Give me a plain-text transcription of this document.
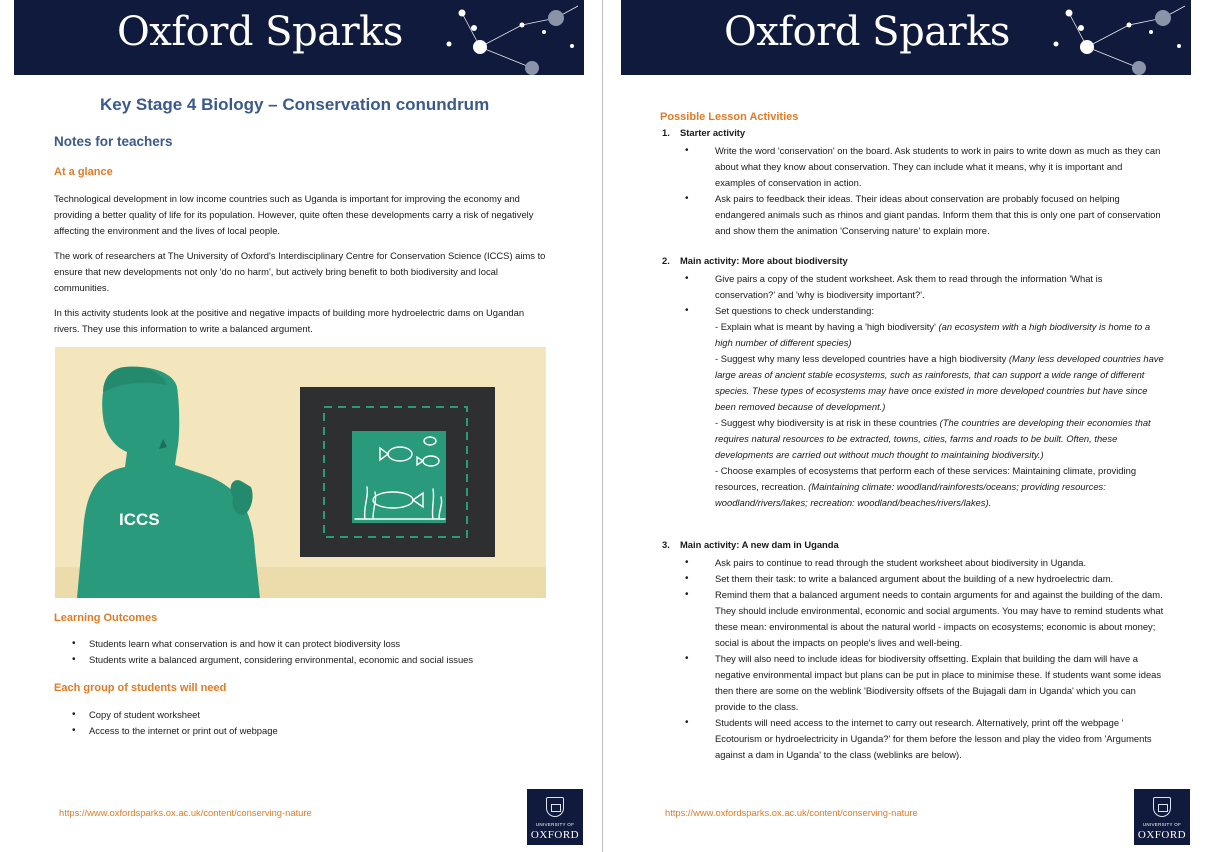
Oxford Sparks
Key Stage 4 Biology – Conservation conundrum
Notes for teachers
At a glance
Technological development in low income countries such as Uganda is important for improving the economy and providing a better quality of life for its population. However, quite often these developments carry a risk of negatively affecting the environment and the lives of local people.
The work of researchers at The University of Oxford's Interdisciplinary Centre for Conservation Science (ICCS) aims to ensure that new developments not only 'do no harm', but actively bring benefit to both biodiversity and local communities.
In this activity students look at the positive and negative impacts of building more hydroelectric dams on Ugandan rivers. They use this information to write a balanced argument.
ICCS
Learning Outcomes
• Students learn what conservation is and how it can protect biodiversity loss
• Students write a balanced argument, considering environmental, economic and social issues
Each group of students will need
• Copy of student worksheet
• Access to the internet or print out of webpage
https://www.oxfordsparks.ox.ac.uk/content/conserving-nature
UNIVERSITY OF
OXFORD
Oxford Sparks
Possible Lesson Activities
1. Starter activity
• Write the word 'conservation' on the board. Ask students to work in pairs to write down as much as they can about what they know about conservation. They can include what it means, why it is important and examples of conservation in action.
• Ask pairs to feedback their ideas. Their ideas about conservation are probably focused on helping endangered animals such as rhinos and giant pandas. Inform them that this is only one part of conservation and show them the animation 'Conserving nature' to explain more.
2. Main activity: More about biodiversity
• Give pairs a copy of the student worksheet. Ask them to read through the information 'What is conservation?' and 'why is biodiversity important?'.
• Set questions to check understanding:
- Explain what is meant by having a 'high biodiversity' (an ecosystem with a high biodiversity is home to a high number of different species)
- Suggest why many less developed countries have a high biodiversity (Many less developed countries have large areas of ancient stable ecosystems, such as rainforests, that can support a wide range of different species. These types of ecosystems may have once existed in more developed countries but have since been removed because of development.)
- Suggest why biodiversity is at risk in these countries (The countries are developing their economies that requires natural resources to be extracted, towns, cities, farms and roads to be built. Often, these developments are carried out without much thought to maintaining biodiversity.)
- Choose examples of ecosystems that perform each of these services: Maintaining climate, providing resources, recreation. (Maintaining climate: woodland/rainforests/oceans; providing resources: woodland/rivers/lakes; recreation: woodland/beaches/rivers/lakes).
3. Main activity: A new dam in Uganda
• Ask pairs to continue to read through the student worksheet about biodiversity in Uganda.
• Set them their task: to write a balanced argument about the building of a new hydroelectric dam.
• Remind them that a balanced argument needs to contain arguments for and against the building of the dam. They should include environmental, economic and social arguments. You may have to remind students what these mean: environmental is about the natural world - impacts on ecosystems; economic is about money; social is about the impacts on people's lives and well-being.
• They will also need to include ideas for biodiversity offsetting. Explain that building the dam will have a negative environmental impact but plans can be put in place to minimise these. If students want some ideas then there are some on the weblink 'Biodiversity offsets of the Bujagali dam in Uganda' which you can provide to the class.
• Students will need access to the internet to carry out research. Alternatively, print off the webpage ' Ecotourism or hydroelectricity in Uganda?' for them before the lesson and play the video from 'Arguments against a dam in Uganda' to the class (weblinks are below).
https://www.oxfordsparks.ox.ac.uk/content/conserving-nature
UNIVERSITY OF
OXFORD
